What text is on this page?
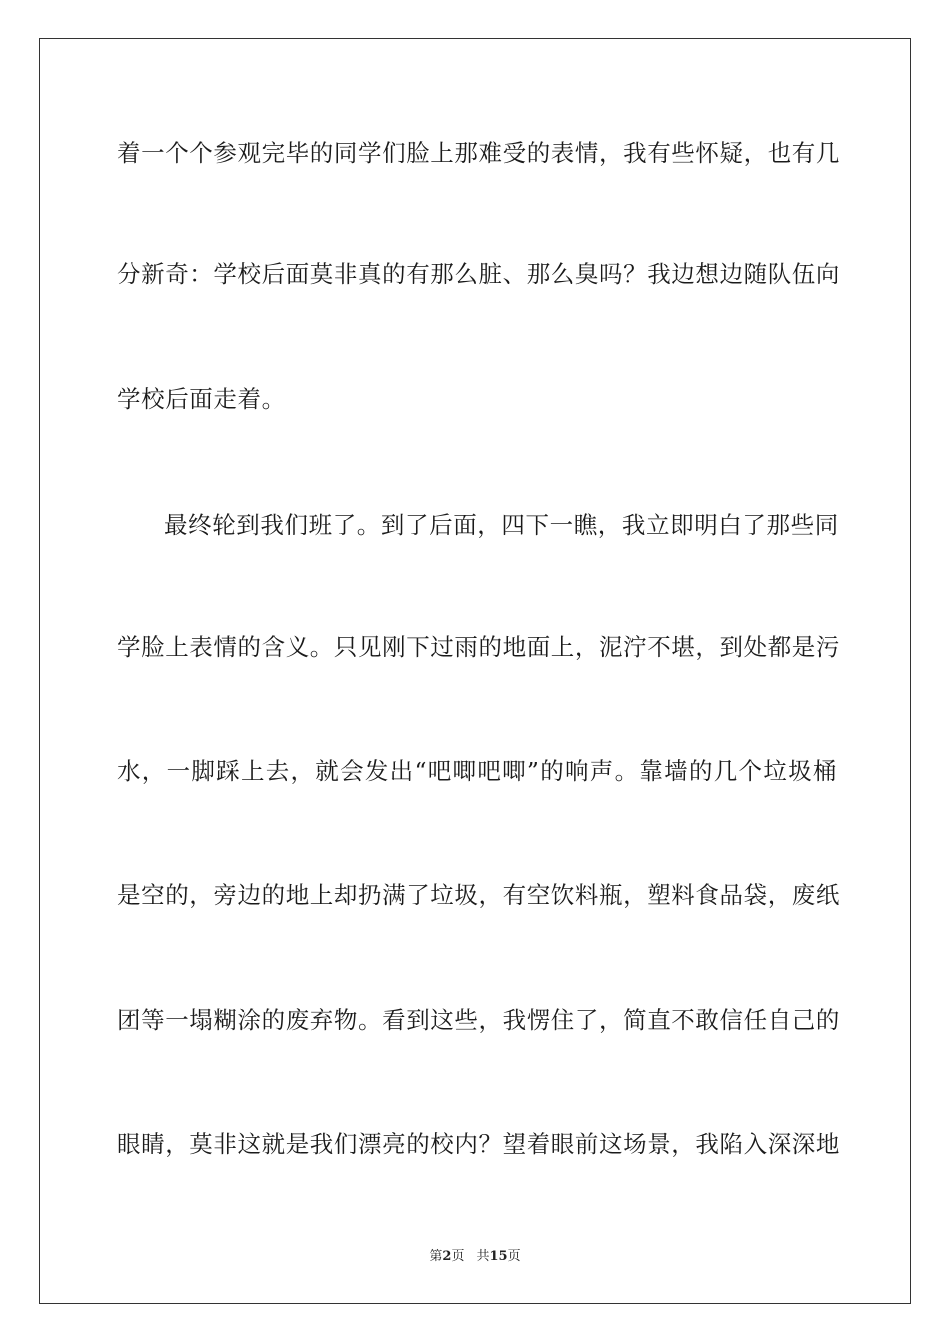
着一个个参观完毕的同学们脸上那难受的表情，我有些怀疑，也有几
分新奇：学校后面莫非真的有那么脏、那么臭吗？我边想边随队伍向
学校后面走着。
最终轮到我们班了。到了后面，四下一瞧，我立即明白了那些同
学脸上表情的含义。只见刚下过雨的地面上，泥泞不堪，到处都是污
水，一脚踩上去，就会发出“吧唧吧唧”的响声。靠墙的几个垃圾桶
是空的，旁边的地上却扔满了垃圾，有空饮料瓶，塑料食品袋，废纸
团等一塌糊涂的废弃物。看到这些，我愣住了，简直不敢信任自己的
眼睛，莫非这就是我们漂亮的校内？望着眼前这场景，我陷入深深地
第2页 共15页
